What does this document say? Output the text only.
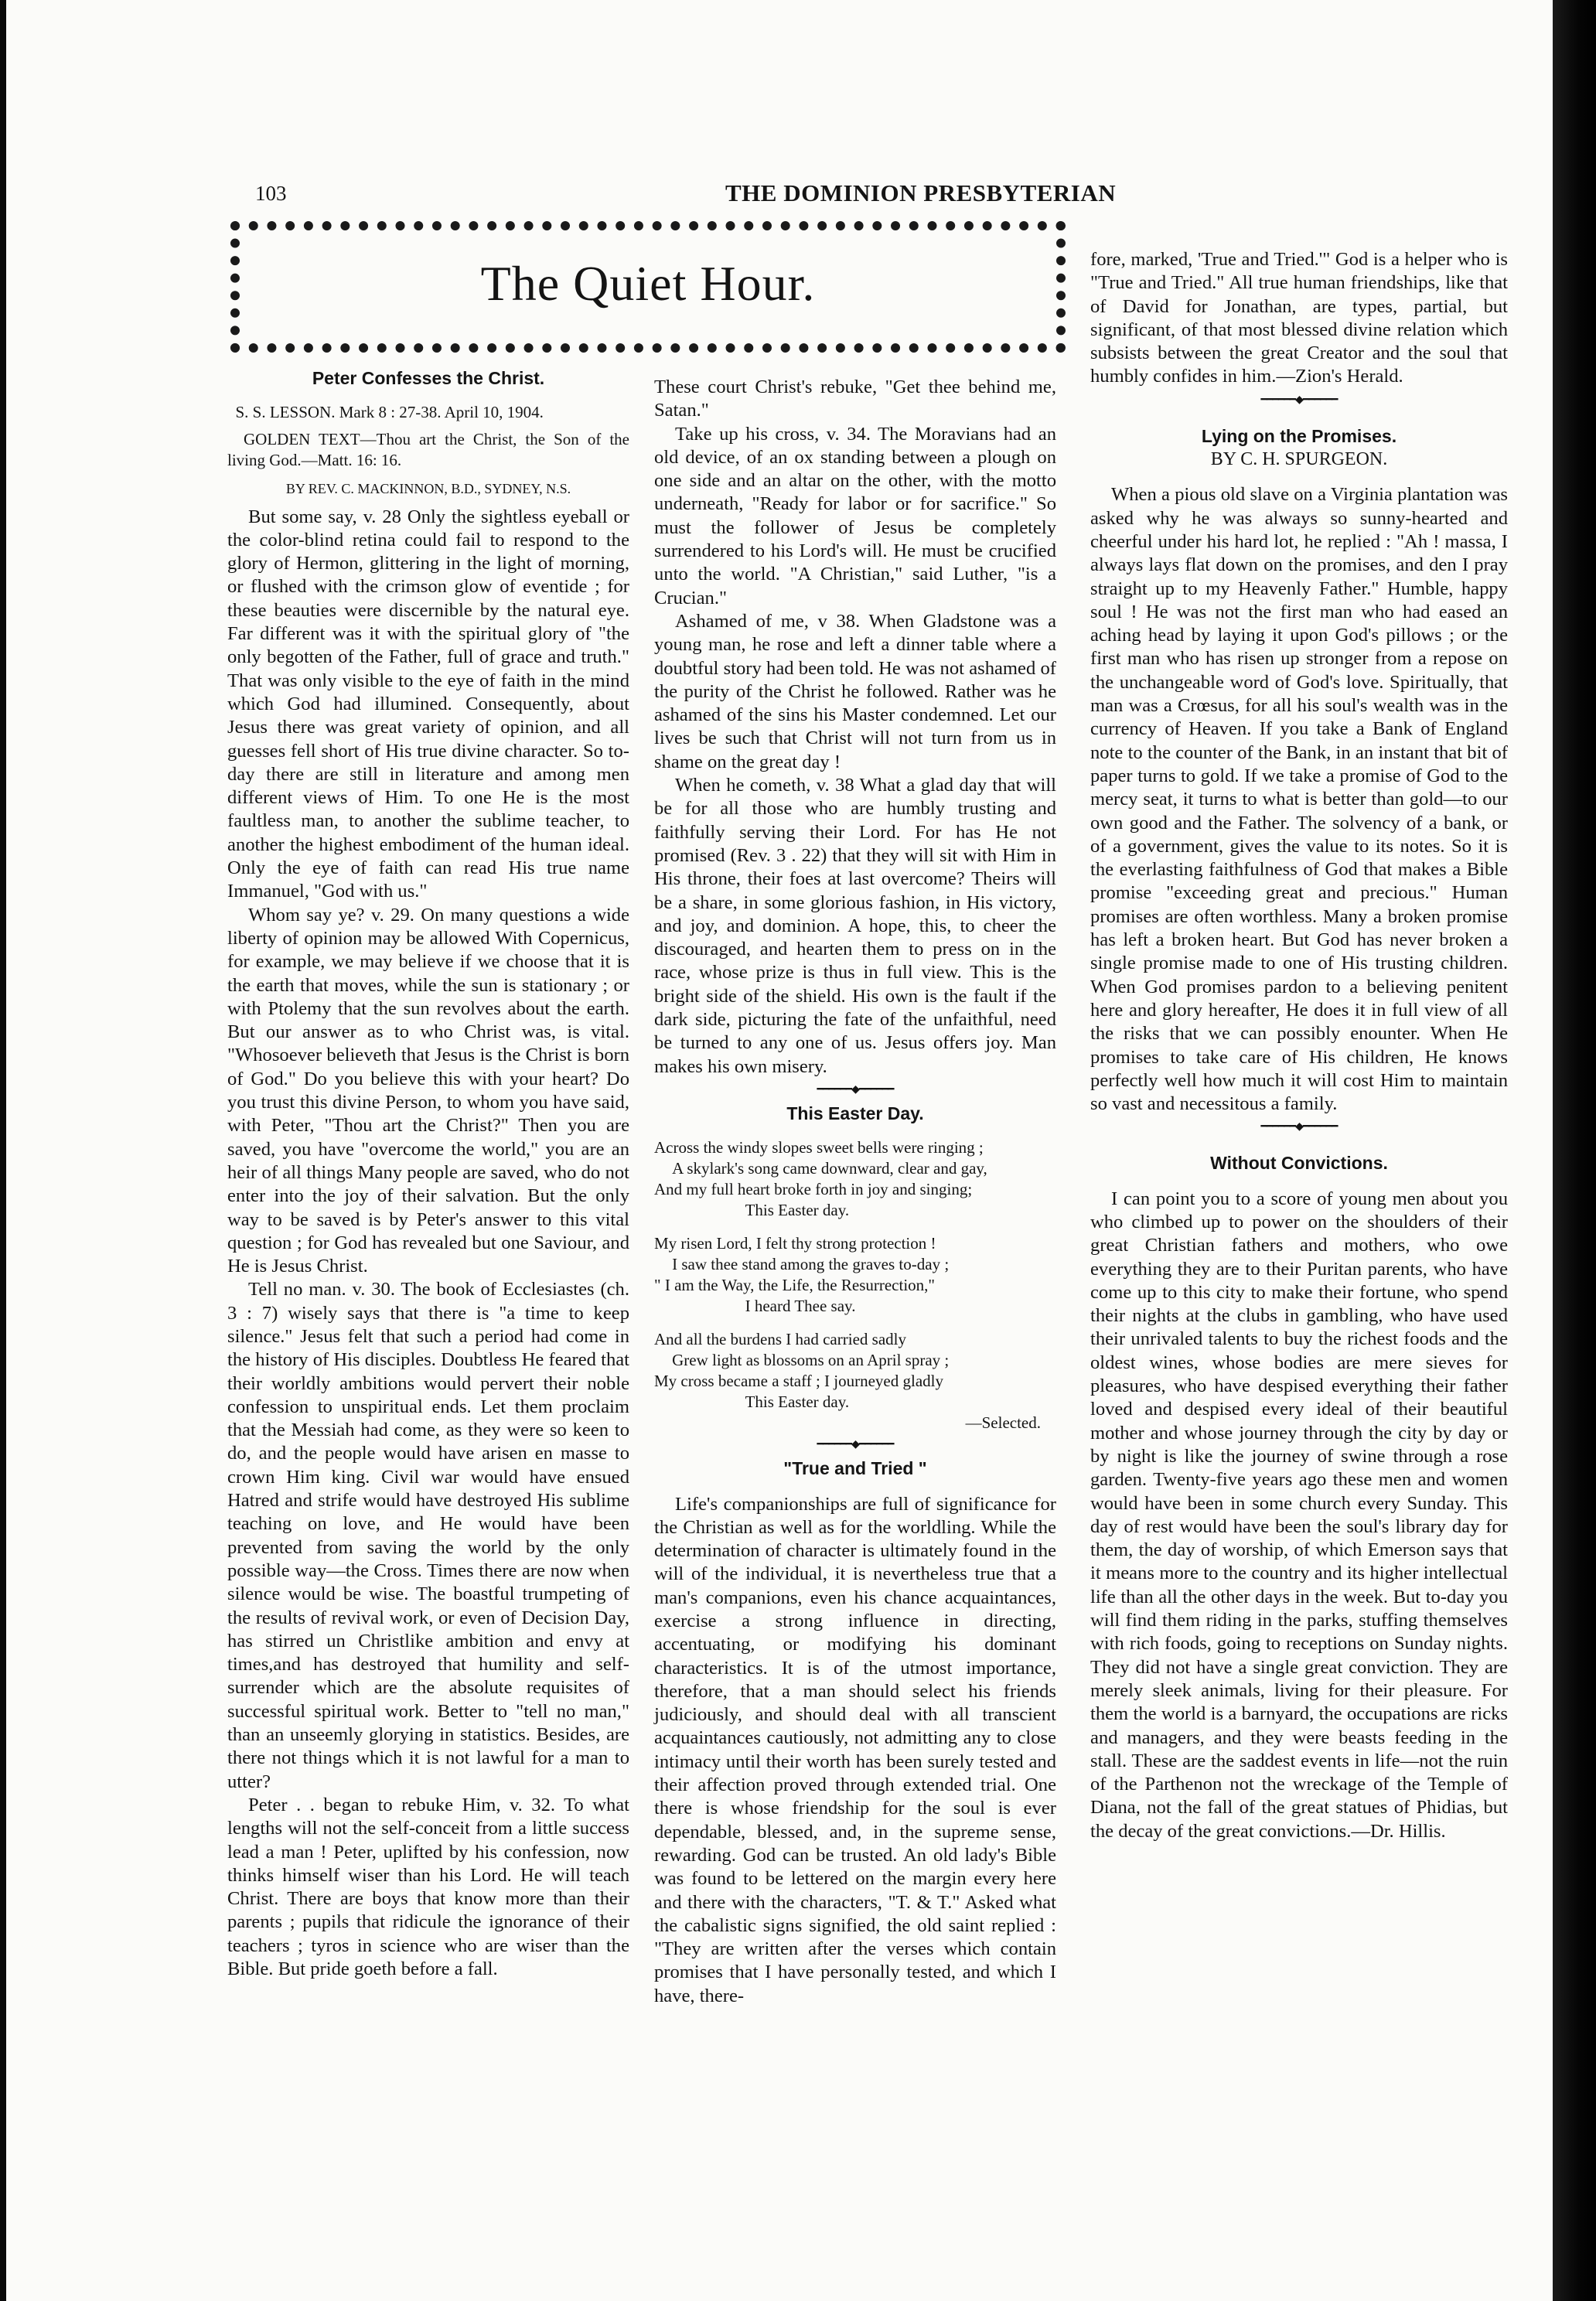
103	THE DOMINION PRESBYTERIAN
The Quiet Hour.
Peter Confesses the Christ.
S. S. LESSON. Mark 8 : 27-38. April 10, 1904.
GOLDEN TEXT—Thou art the Christ, the Son of the living God.—Matt. 16: 16.
BY REV. C. MACKINNON, B.D., SYDNEY, N.S.

But some say, v. 28 Only the sightless eyeball or the color-blind retina could fail to respond to the glory of Hermon, glittering in the light of morning, or flushed with the crimson glow of eventide ; for these beauties were discernible by the natural eye. Far different was it with the spiritual glory of "the only begotten of the Father, full of grace and truth." That was only visible to the eye of faith in the mind which God had illumined. Consequently, about Jesus there was great variety of opinion, and all guesses fell short of His true divine character. So to-day there are still in literature and among men different views of Him. To one He is the most faultless man, to another the sublime teacher, to another the highest embodiment of the human ideal. Only the eye of faith can read His true name Immanuel, "God with us."

Whom say ye? v. 29. On many questions a wide liberty of opinion may be allowed With Copernicus, for example, we may believe if we choose that it is the earth that moves, while the sun is stationary ; or with Ptolemy that the sun revolves about the earth. But our answer as to who Christ was, is vital. "Whosoever believeth that Jesus is the Christ is born of God." Do you believe this with your heart? Do you trust this divine Person, to whom you have said, with Peter, "Thou art the Christ?" Then you are saved, you have "overcome the world," you are an heir of all things Many people are saved, who do not enter into the joy of their salvation. But the only way to be saved is by Peter's answer to this vital question ; for God has revealed but one Saviour, and He is Jesus Christ.

Tell no man. v. 30. The book of Ecclesiastes (ch. 3 : 7) wisely says that there is "a time to keep silence." Jesus felt that such a period had come in the history of His disciples. Doubtless He feared that their worldly ambitions would pervert their noble confession to unspiritual ends. Let them proclaim that the Messiah had come, as they were so keen to do, and the people would have arisen en masse to crown Him king. Civil war would have ensued Hatred and strife would have destroyed His sublime teaching on love, and He would have been prevented from saving the world by the only possible way—the Cross. Times there are now when silence would be wise. The boastful trumpeting of the results of revival work, or even of Decision Day, has stirred un Christlike ambition and envy at times,and has destroyed that humility and self-surrender which are the absolute requisites of successful spiritual work. Better to "tell no man," than an unseemly glorying in statistics. Besides, are there not things which it is not lawful for a man to utter?

Peter . . began to rebuke Him, v. 32. To what lengths will not the self-conceit from a little success lead a man ! Peter, uplifted by his confession, now thinks himself wiser than his Lord. He will teach Christ. There are boys that know more than their parents ; pupils that ridicule the ignorance of their teachers ; tyros in science who are wiser than the Bible. But pride goeth before a fall.

These court Christ's rebuke, "Get thee behind me, Satan."

Take up his cross, v. 34. The Moravians had an old device, of an ox standing between a plough on one side and an altar on the other, with the motto underneath, "Ready for labor or for sacrifice." So must the follower of Jesus be completely surrendered to his Lord's will. He must be crucified unto the world. "A Christian," said Luther, "is a Crucian."

Ashamed of me, v 38. When Gladstone was a young man, he rose and left a dinner table where a doubtful story had been told. He was not ashamed of the purity of the Christ he followed. Rather was he ashamed of the sins his Master condemned. Let our lives be such that Christ will not turn from us in shame on the great day !

When he cometh, v. 38 What a glad day that will be for all those who are humbly trusting and faithfully serving their Lord. For has He not promised (Rev. 3 . 22) that they will sit with Him in His throne, their foes at last overcome? Theirs will be a share, in some glorious fashion, in His victory, and joy, and dominion. A hope, this, to cheer the discouraged, and hearten them to press on in the race, whose prize is thus in full view. This is the bright side of the shield. His own is the fault if the dark side, picturing the fate of the unfaithful, need be turned to any one of us. Jesus offers joy. Man makes his own misery.

━━━━━━◆━━━━━━
This Easter Day.
Across the windy slopes sweet bells were ringing ;
A skylark's song came downward, clear and gay,
And my full heart broke forth in joy and singing;
This Easter day.
My risen Lord, I felt thy strong protection !
I saw thee stand among the graves to-day ;
" I am the Way, the Life, the Resurrection,"
I heard Thee say.
And all the burdens I had carried sadly
Grew light as blossoms on an April spray ;
My cross became a staff ; I journeyed gladly
This Easter day.
—Selected.
━━━━━━◆━━━━━━
"True and Tried "

Life's companionships are full of significance for the Christian as well as for the worldling. While the determination of character is ultimately found in the will of the individual, it is nevertheless true that a man's companions, even his chance acquaintances, exercise a strong influence in directing, accentuating, or modifying his dominant characteristics. It is of the utmost importance, therefore, that a man should select his friends judiciously, and should deal with all transcient acquaintances cautiously, not admitting any to close intimacy until their worth has been surely tested and their affection proved through extended trial. One there is whose friendship for the soul is ever dependable, blessed, and, in the supreme sense, rewarding. God can be trusted. An old lady's Bible was found to be lettered on the margin every here and there with the characters, "T. & T." Asked what the cabalistic signs signified, the old saint replied : "They are written after the verses which contain promises that I have personally tested, and which I have, there-

fore, marked, 'True and Tried.'" God is a helper who is "True and Tried." All true human friendships, like that of David for Jonathan, are types, partial, but significant, of that most blessed divine relation which subsists between the great Creator and the soul that humbly confides in him.—Zion's Herald.

━━━━━━◆━━━━━━
Lying on the Promises.
BY C. H. SPURGEON.

When a pious old slave on a Virginia plantation was asked why he was always so sunny-hearted and cheerful under his hard lot, he replied : "Ah ! massa, I always lays flat down on the promises, and den I pray straight up to my Heavenly Father." Humble, happy soul ! He was not the first man who had eased an aching head by laying it upon God's pillows ; or the first man who has risen up stronger from a repose on the unchangeable word of God's love. Spiritually, that man was a Crœsus, for all his soul's wealth was in the currency of Heaven. If you take a Bank of England note to the counter of the Bank, in an instant that bit of paper turns to gold. If we take a promise of God to the mercy seat, it turns to what is better than gold—to our own good and the Father. The solvency of a bank, or of a government, gives the value to its notes. So it is the everlasting faithfulness of God that makes a Bible promise "exceeding great and precious." Human promises are often worthless. Many a broken promise has left a broken heart. But God has never broken a single promise made to one of His trusting children. When God promises pardon to a believing penitent here and glory hereafter, He does it in full view of all the risks that we can possibly enounter. When He promises to take care of His children, He knows perfectly well how much it will cost Him to maintain so vast and necessitous a family.

━━━━━━◆━━━━━━
Without Convictions.

I can point you to a score of young men about you who climbed up to power on the shoulders of their great Christian fathers and mothers, who owe everything they are to their Puritan parents, who have come up to this city to make their fortune, who spend their nights at the clubs in gambling, who have used their unrivaled talents to buy the richest foods and the oldest wines, whose bodies are mere sieves for pleasures, who have despised everything their father loved and despised every ideal of their beautiful mother and whose journey through the city by day or by night is like the journey of swine through a rose garden. Twenty-five years ago these men and women would have been in some church every Sunday. This day of rest would have been the soul's library day for them, the day of worship, of which Emerson says that it means more to the country and its higher intellectual life than all the other days in the week. But to-day you will find them riding in the parks, stuffing themselves with rich foods, going to receptions on Sunday nights. They did not have a single great conviction. They are merely sleek animals, living for their pleasure. For them the world is a barnyard, the occupations are ricks and managers, and they were beasts feeding in the stall. These are the saddest events in life—not the ruin of the Parthenon not the wreckage of the Temple of Diana, not the fall of the great statues of Phidias, but the decay of the great convictions.—Dr. Hillis.
